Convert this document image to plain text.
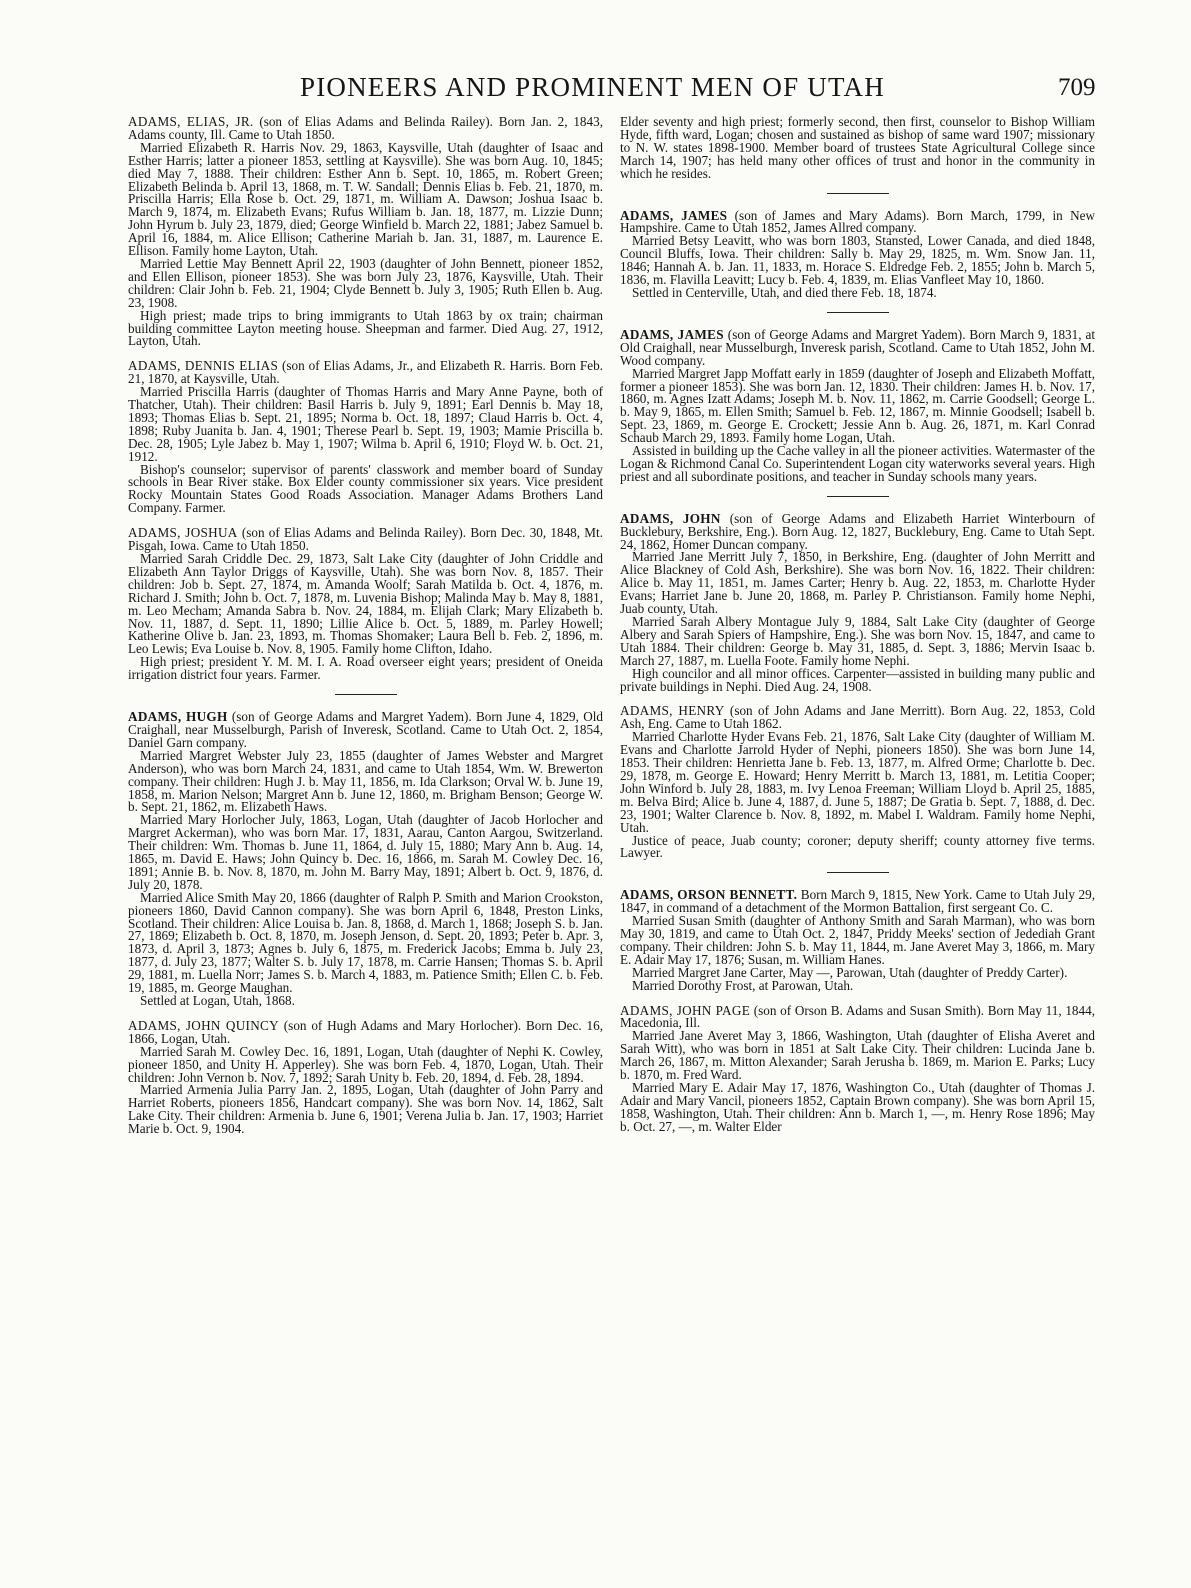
PIONEERS AND PROMINENT MEN OF UTAH	709

ADAMS, ELIAS, JR. (son of Elias Adams and Belinda Railey). Born Jan. 2, 1843, Adams county, Ill. Came to Utah 1850.

Married Elizabeth R. Harris Nov. 29, 1863, Kaysville, Utah (daughter of Isaac and Esther Harris; latter a pioneer 1853, settling at Kaysville). She was born Aug. 10, 1845; died May 7, 1888. Their children: Esther Ann b. Sept. 10, 1865, m. Robert Green; Elizabeth Belinda b. April 13, 1868, m. T. W. Sandall; Dennis Elias b. Feb. 21, 1870, m. Priscilla Harris; Ella Rose b. Oct. 29, 1871, m. William A. Dawson; Joshua Isaac b. March 9, 1874, m. Elizabeth Evans; Rufus William b. Jan. 18, 1877, m. Lizzie Dunn; John Hyrum b. July 23, 1879, died; George Winfield b. March 22, 1881; Jabez Samuel b. April 16, 1884, m. Alice Ellison; Catherine Mariah b. Jan. 31, 1887, m. Laurence E. Ellison. Family home Layton, Utah.

Married Lettie May Bennett April 22, 1903 (daughter of John Bennett, pioneer 1852, and Ellen Ellison, pioneer 1853). She was born July 23, 1876, Kaysville, Utah. Their children: Clair John b. Feb. 21, 1904; Clyde Bennett b. July 3, 1905; Ruth Ellen b. Aug. 23, 1908.

High priest; made trips to bring immigrants to Utah 1863 by ox train; chairman building committee Layton meeting house. Sheepman and farmer. Died Aug. 27, 1912, Layton, Utah.

ADAMS, DENNIS ELIAS (son of Elias Adams, Jr., and Elizabeth R. Harris. Born Feb. 21, 1870, at Kaysville, Utah.

Married Priscilla Harris (daughter of Thomas Harris and Mary Anne Payne, both of Thatcher, Utah). Their children: Basil Harris b. July 9, 1891; Earl Dennis b. May 18, 1893; Thomas Elias b. Sept. 21, 1895; Norma b. Oct. 18, 1897; Claud Harris b. Oct. 4, 1898; Ruby Juanita b. Jan. 4, 1901; Therese Pearl b. Sept. 19, 1903; Mamie Priscilla b. Dec. 28, 1905; Lyle Jabez b. May 1, 1907; Wilma b. April 6, 1910; Floyd W. b. Oct. 21, 1912.

Bishop's counselor; supervisor of parents' classwork and member board of Sunday schools in Bear River stake. Box Elder county commissioner six years. Vice president Rocky Mountain States Good Roads Association. Manager Adams Brothers Land Company. Farmer.

ADAMS, JOSHUA (son of Elias Adams and Belinda Railey). Born Dec. 30, 1848, Mt. Pisgah, Iowa. Came to Utah 1850.

Married Sarah Criddle Dec. 29, 1873, Salt Lake City (daughter of John Criddle and Elizabeth Ann Taylor Driggs of Kaysville, Utah). She was born Nov. 8, 1857. Their children: Job b. Sept. 27, 1874, m. Amanda Woolf; Sarah Matilda b. Oct. 4, 1876, m. Richard J. Smith; John b. Oct. 7, 1878, m. Luvenia Bishop; Malinda May b. May 8, 1881, m. Leo Mecham; Amanda Sabra b. Nov. 24, 1884, m. Elijah Clark; Mary Elizabeth b. Nov. 11, 1887, d. Sept. 11, 1890; Lillie Alice b. Oct. 5, 1889, m. Parley Howell; Katherine Olive b. Jan. 23, 1893, m. Thomas Shomaker; Laura Bell b. Feb. 2, 1896, m. Leo Lewis; Eva Louise b. Nov. 8, 1905. Family home Clifton, Idaho.

High priest; president Y. M. M. I. A. Road overseer eight years; president of Oneida irrigation district four years. Farmer.

ADAMS, HUGH (son of George Adams and Margret Yadem). Born June 4, 1829, Old Craighall, near Musselburgh, Parish of Inveresk, Scotland. Came to Utah Oct. 2, 1854, Daniel Garn company.

Married Margret Webster July 23, 1855 (daughter of James Webster and Margret Anderson), who was born March 24, 1831, and came to Utah 1854, Wm. W. Brewerton company. Their children: Hugh J. b. May 11, 1856, m. Ida Clarkson; Orval W. b. June 19, 1858, m. Marion Nelson; Margret Ann b. June 12, 1860, m. Brigham Benson; George W. b. Sept. 21, 1862, m. Elizabeth Haws.

Married Mary Horlocher July, 1863, Logan, Utah (daughter of Jacob Horlocher and Margret Ackerman), who was born Mar. 17, 1831, Aarau, Canton Aargou, Switzerland. Their children: Wm. Thomas b. June 11, 1864, d. July 15, 1880; Mary Ann b. Aug. 14, 1865, m. David E. Haws; John Quincy b. Dec. 16, 1866, m. Sarah M. Cowley Dec. 16, 1891; Annie B. b. Nov. 8, 1870, m. John M. Barry May, 1891; Albert b. Oct. 9, 1876, d. July 20, 1878.

Married Alice Smith May 20, 1866 (daughter of Ralph P. Smith and Marion Crookston, pioneers 1860, David Cannon company). She was born April 6, 1848, Preston Links, Scotland. Their children: Alice Louisa b. Jan. 8, 1868, d. March 1, 1868; Joseph S. b. Jan. 27, 1869; Elizabeth b. Oct. 8, 1870, m. Joseph Jenson, d. Sept. 20, 1893; Peter b. Apr. 3, 1873, d. April 3, 1873; Agnes b. July 6, 1875, m. Frederick Jacobs; Emma b. July 23, 1877, d. July 23, 1877; Walter S. b. July 17, 1878, m. Carrie Hansen; Thomas S. b. April 29, 1881, m. Luella Norr; James S. b. March 4, 1883, m. Patience Smith; Ellen C. b. Feb. 19, 1885, m. George Maughan.

Settled at Logan, Utah, 1868.

ADAMS, JOHN QUINCY (son of Hugh Adams and Mary Horlocher). Born Dec. 16, 1866, Logan, Utah.

Married Sarah M. Cowley Dec. 16, 1891, Logan, Utah (daughter of Nephi K. Cowley, pioneer 1850, and Unity H. Apperley). She was born Feb. 4, 1870, Logan, Utah. Their children: John Vernon b. Nov. 7, 1892; Sarah Unity b. Feb. 20, 1894, d. Feb. 28, 1894.

Married Armenia Julia Parry Jan. 2, 1895, Logan, Utah (daughter of John Parry and Harriet Roberts, pioneers 1856, Handcart company). She was born Nov. 14, 1862, Salt Lake City. Their children: Armenia b. June 6, 1901; Verena Julia b. Jan. 17, 1903; Harriet Marie b. Oct. 9, 1904.

Elder seventy and high priest; formerly second, then first, counselor to Bishop William Hyde, fifth ward, Logan; chosen and sustained as bishop of same ward 1907; missionary to N. W. states 1898-1900. Member board of trustees State Agricultural College since March 14, 1907; has held many other offices of trust and honor in the community in which he resides.

ADAMS, JAMES (son of James and Mary Adams). Born March, 1799, in New Hampshire. Came to Utah 1852, James Allred company.

Married Betsy Leavitt, who was born 1803, Stansted, Lower Canada, and died 1848, Council Bluffs, Iowa. Their children: Sally b. May 29, 1825, m. Wm. Snow Jan. 11, 1846; Hannah A. b. Jan. 11, 1833, m. Horace S. Eldredge Feb. 2, 1855; John b. March 5, 1836, m. Flavilla Leavitt; Lucy b. Feb. 4, 1839, m. Elias Vanfleet May 10, 1860.

Settled in Centerville, Utah, and died there Feb. 18, 1874.

ADAMS, JAMES (son of George Adams and Margret Yadem). Born March 9, 1831, at Old Craighall, near Musselburgh, Inveresk parish, Scotland. Came to Utah 1852, John M. Wood company.

Married Margret Japp Moffatt early in 1859 (daughter of Joseph and Elizabeth Moffatt, former a pioneer 1853). She was born Jan. 12, 1830. Their children: James H. b. Nov. 17, 1860, m. Agnes Izatt Adams; Joseph M. b. Nov. 11, 1862, m. Carrie Goodsell; George L. b. May 9, 1865, m. Ellen Smith; Samuel b. Feb. 12, 1867, m. Minnie Goodsell; Isabell b. Sept. 23, 1869, m. George E. Crockett; Jessie Ann b. Aug. 26, 1871, m. Karl Conrad Schaub March 29, 1893. Family home Logan, Utah.

Assisted in building up the Cache valley in all the pioneer activities. Watermaster of the Logan & Richmond Canal Co. Superintendent Logan city waterworks several years. High priest and all subordinate positions, and teacher in Sunday schools many years.

ADAMS, JOHN (son of George Adams and Elizabeth Harriet Winterbourn of Bucklebury, Berkshire, Eng.). Born Aug. 12, 1827, Bucklebury, Eng. Came to Utah Sept. 24, 1862, Homer Duncan company.

Married Jane Merritt July 7, 1850, in Berkshire, Eng. (daughter of John Merritt and Alice Blackney of Cold Ash, Berkshire). She was born Nov. 16, 1822. Their children: Alice b. May 11, 1851, m. James Carter; Henry b. Aug. 22, 1853, m. Charlotte Hyder Evans; Harriet Jane b. June 20, 1868, m. Parley P. Christianson. Family home Nephi, Juab county, Utah.

Married Sarah Albery Montague July 9, 1884, Salt Lake City (daughter of George Albery and Sarah Spiers of Hampshire, Eng.). She was born Nov. 15, 1847, and came to Utah 1884. Their children: George b. May 31, 1885, d. Sept. 3, 1886; Mervin Isaac b. March 27, 1887, m. Luella Foote. Family home Nephi.

High councilor and all minor offices. Carpenter—assisted in building many public and private buildings in Nephi. Died Aug. 24, 1908.

ADAMS, HENRY (son of John Adams and Jane Merritt). Born Aug. 22, 1853, Cold Ash, Eng. Came to Utah 1862.

Married Charlotte Hyder Evans Feb. 21, 1876, Salt Lake City (daughter of William M. Evans and Charlotte Jarrold Hyder of Nephi, pioneers 1850). She was born June 14, 1853. Their children: Henrietta Jane b. Feb. 13, 1877, m. Alfred Orme; Charlotte b. Dec. 29, 1878, m. George E. Howard; Henry Merritt b. March 13, 1881, m. Letitia Cooper; John Winford b. July 28, 1883, m. Ivy Lenoa Freeman; William Lloyd b. April 25, 1885, m. Belva Bird; Alice b. June 4, 1887, d. June 5, 1887; De Gratia b. Sept. 7, 1888, d. Dec. 23, 1901; Walter Clarence b. Nov. 8, 1892, m. Mabel I. Waldram. Family home Nephi, Utah.

Justice of peace, Juab county; coroner; deputy sheriff; county attorney five terms. Lawyer.

ADAMS, ORSON BENNETT. Born March 9, 1815, New York. Came to Utah July 29, 1847, in command of a detachment of the Mormon Battalion, first sergeant Co. C.

Married Susan Smith (daughter of Anthony Smith and Sarah Marman), who was born May 30, 1819, and came to Utah Oct. 2, 1847, Priddy Meeks' section of Jedediah Grant company. Their children: John S. b. May 11, 1844, m. Jane Averet May 3, 1866, m. Mary E. Adair May 17, 1876; Susan, m. William Hanes.

Married Margret Jane Carter, May —, Parowan, Utah (daughter of Preddy Carter).

Married Dorothy Frost, at Parowan, Utah.

ADAMS, JOHN PAGE (son of Orson B. Adams and Susan Smith). Born May 11, 1844, Macedonia, Ill.

Married Jane Averet May 3, 1866, Washington, Utah (daughter of Elisha Averet and Sarah Witt), who was born in 1851 at Salt Lake City. Their children: Lucinda Jane b. March 26, 1867, m. Mitton Alexander; Sarah Jerusha b. 1869, m. Marion E. Parks; Lucy b. 1870, m. Fred Ward.

Married Mary E. Adair May 17, 1876, Washington Co., Utah (daughter of Thomas J. Adair and Mary Vancil, pioneers 1852, Captain Brown company). She was born April 15, 1858, Washington, Utah. Their children: Ann b. March 1, —, m. Henry Rose 1896; May b. Oct. 27, —, m. Walter Elder
